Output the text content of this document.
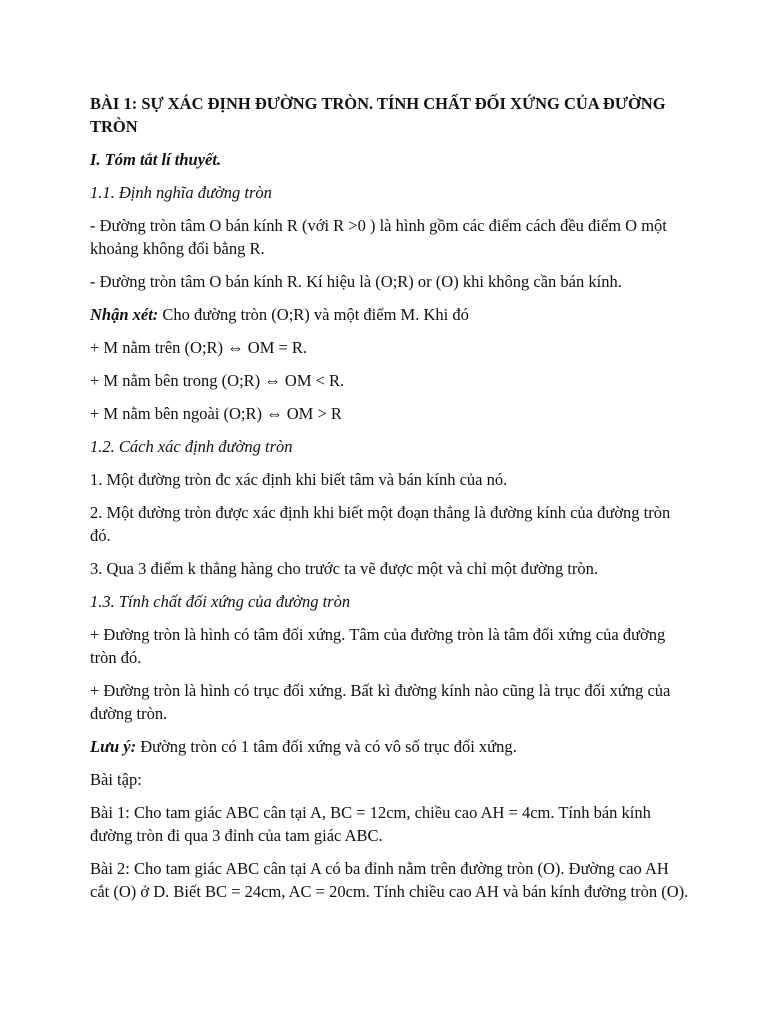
BÀI 1: SỰ XÁC ĐỊNH ĐƯỜNG TRÒN. TÍNH CHẤT ĐỐI XỨNG CỦA ĐƯỜNG TRÒN
I. Tóm tắt lí thuyết.
1.1. Định nghĩa đường tròn
- Đường tròn tâm O bán kính R (với R >0 ) là hình gồm các điểm cách đều điểm O một khoảng không đổi bằng R.
- Đường tròn tâm O bán kính R. Kí hiệu là (O;R) or (O) khi không cần bán kính.
Nhận xét: Cho đường tròn (O;R) và một điểm M. Khi đó
+ M nằm trên (O;R) ⇔ OM = R.
+ M nằm bên trong (O;R) ⇔ OM < R.
+ M nằm bên ngoài (O;R) ⇔ OM > R
1.2. Cách xác định đường tròn
1. Một đường tròn đc xác định khi biết tâm và bán kính của nó.
2. Một đường tròn được xác định khi biết một đoạn thẳng là đường kính của đường tròn đó.
3. Qua 3 điểm k thẳng hàng cho trước ta vẽ được một và chỉ một đường tròn.
1.3. Tính chất đối xứng của đường tròn
+ Đường tròn là hình có tâm đối xứng. Tâm của đường tròn là tâm đối xứng của đường tròn đó.
+ Đường tròn là hình có trục đối xứng. Bất kì đường kính nào cũng là trục đối xứng của đường tròn.
Lưu ý: Đường tròn có 1 tâm đối xứng và có vô số trục đối xứng.
Bài tập:
Bài 1: Cho tam giác ABC cân tại A, BC = 12cm, chiều cao AH = 4cm. Tính bán kính đường tròn đi qua 3 đỉnh của tam giác ABC.
Bài 2: Cho tam giác ABC cân tại A có ba đỉnh nằm trên đường tròn (O). Đường cao AH cắt (O) ở D. Biết BC = 24cm, AC = 20cm. Tính chiều cao AH và bán kính đường tròn (O).
